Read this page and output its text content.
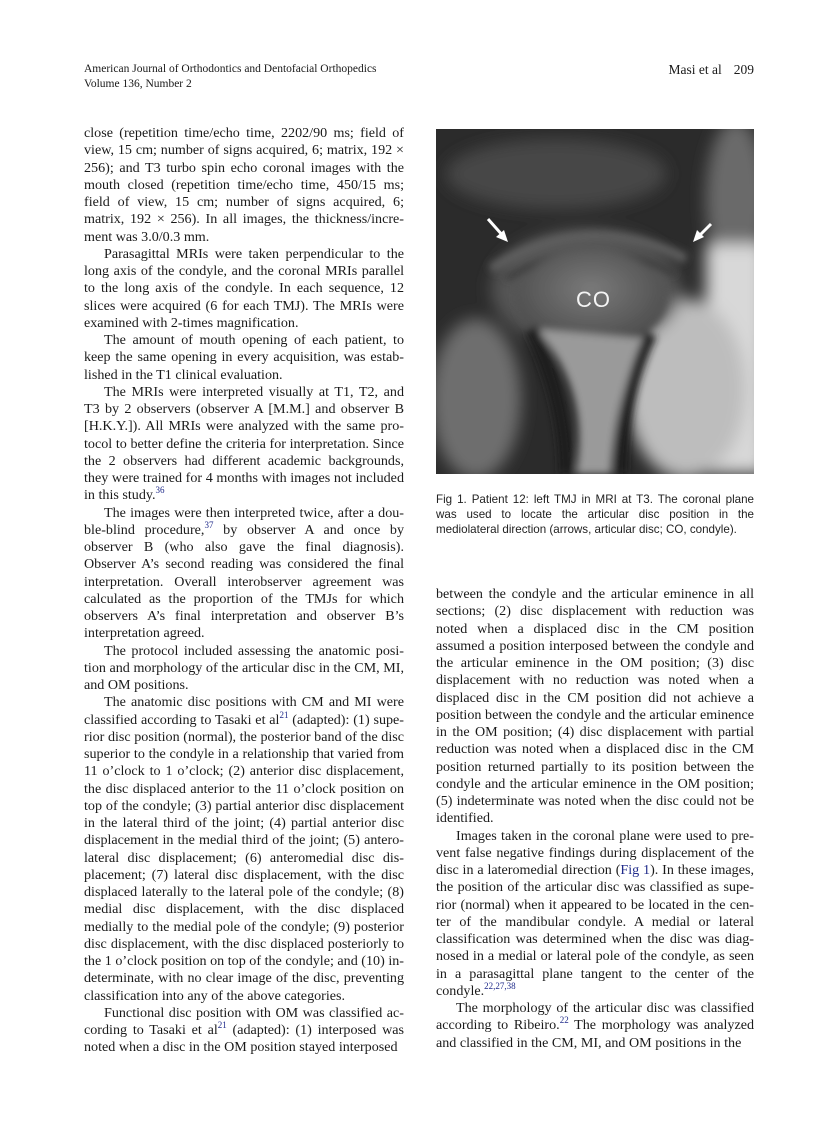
American Journal of Orthodontics and Dentofacial Orthopedics
Volume 136, Number 2
Masi et al 209

close (repetition time/echo time, 2202/90 ms; field of view, 15 cm; number of signs acquired, 6; matrix, 192 × 256); and T3 turbo spin echo coronal images with the mouth closed (repetition time/echo time, 450/15 ms; field of view, 15 cm; number of signs acquired, 6; matrix, 192 × 256). In all images, the thickness/increment was 3.0/0.3 mm.

Parasagittal MRIs were taken perpendicular to the long axis of the condyle, and the coronal MRIs parallel to the long axis of the condyle. In each sequence, 12 slices were acquired (6 for each TMJ). The MRIs were examined with 2-times magnification.

The amount of mouth opening of each patient, to keep the same opening in every acquisition, was established in the T1 clinical evaluation.

The MRIs were interpreted visually at T1, T2, and T3 by 2 observers (observer A [M.M.] and observer B [H.K.Y.]). All MRIs were analyzed with the same protocol to better define the criteria for interpretation. Since the 2 observers had different academic backgrounds, they were trained for 4 months with images not included in this study.$^{36}$

The images were then interpreted twice, after a double-blind procedure,$^{37}$ by observer A and once by observer B (who also gave the final diagnosis). Observer A’s second reading was considered the final interpretation. Overall interobserver agreement was calculated as the proportion of the TMJs for which observers A’s final interpretation and observer B’s interpretation agreed.

The protocol included assessing the anatomic position and morphology of the articular disc in the CM, MI, and OM positions.

The anatomic disc positions with CM and MI were classified according to Tasaki et $al^{21}$ (adapted): (1) superior disc position (normal), the posterior band of the disc superior to the condyle in a relationship that varied from 11 o’clock to 1 o’clock; (2) anterior disc displacement, the disc displaced anterior to the 11 o’clock position on top of the condyle; (3) partial anterior disc displacement in the lateral third of the joint; (4) partial anterior disc displacement in the medial third of the joint; (5) anterolateral disc displacement; (6) anteromedial disc displacement; (7) lateral disc displacement, with the disc displaced laterally to the lateral pole of the condyle; (8) medial disc displacement, with the disc displaced medially to the medial pole of the condyle; (9) posterior disc displacement, with the disc displaced posteriorly to the 1 o’clock position on top of the condyle; and (10) indeterminate, with no clear image of the disc, preventing classification into any of the above categories.

Functional disc position with OM was classified according to Tasaki et $al^{21}$ (adapted): (1) interposed was noted when a disc in the OM position stayed interposed

CO
Fig 1. Patient 12: left TMJ in MRI at T3. The coronal plane was used to locate the articular disc position in the mediolateral direction (arrows, articular disc; CO, condyle).

between the condyle and the articular eminence in all sections; (2) disc displacement with reduction was noted when a displaced disc in the CM position assumed a position interposed between the condyle and the articular eminence in the OM position; (3) disc displacement with no reduction was noted when a displaced disc in the CM position did not achieve a position between the condyle and the articular eminence in the OM position; (4) disc displacement with partial reduction was noted when a displaced disc in the CM position returned partially to its position between the condyle and the articular eminence in the OM position; (5) indeterminate was noted when the disc could not be identified.

Images taken in the coronal plane were used to prevent false negative findings during displacement of the disc in a lateromedial direction (Fig 1). In these images, the position of the articular disc was classified as superior (normal) when it appeared to be located in the center of the mandibular condyle. A medial or lateral classification was determined when the disc was diagnosed in a medial or lateral pole of the condyle, as seen in a parasagittal plane tangent to the center of the condyle.$^{22,27,38}$

The morphology of the articular disc was classified according to Ribeiro.$^{22}$ The morphology was analyzed and classified in the CM, MI, and OM positions in the
